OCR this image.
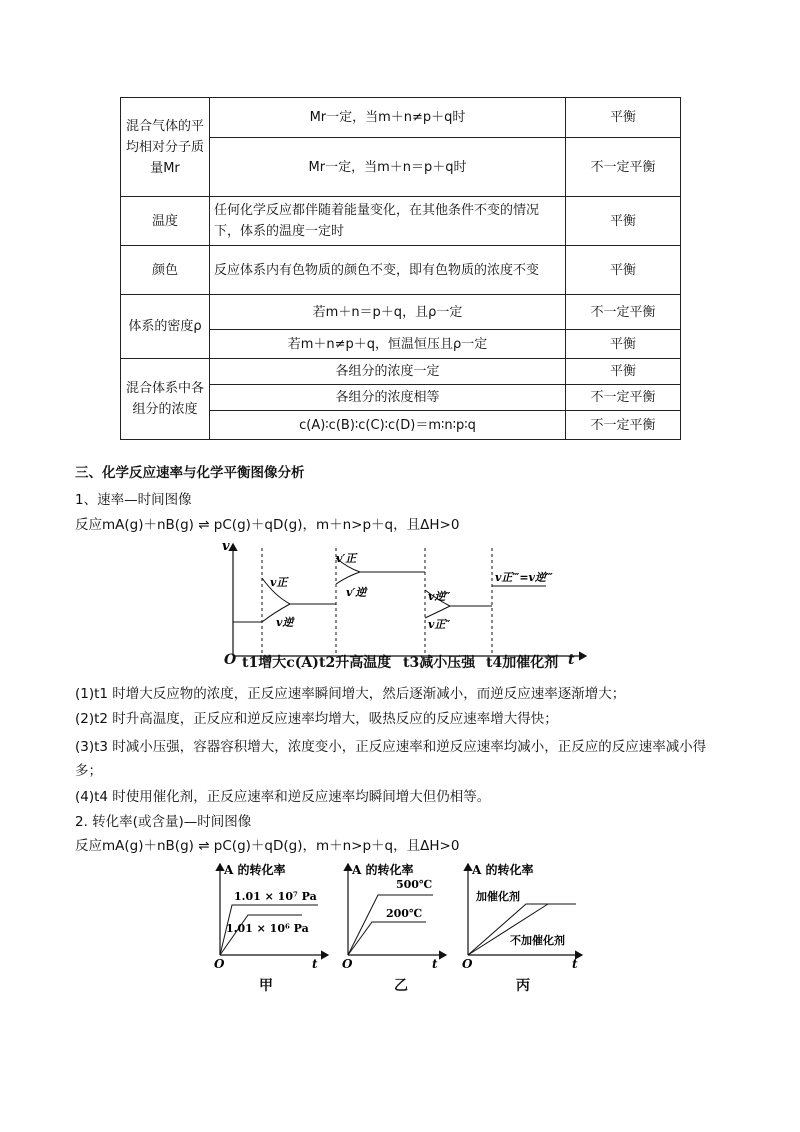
混合气体的平均相对分子质量Mr	Mr一定，当m＋n≠p＋q时	平衡
	Mr一定，当m＋n＝p＋q时	不一定平衡
温度	任何化学反应都伴随着能量变化，在其他条件不变的情况下，体系的温度一定时	平衡
颜色	反应体系内有色物质的颜色不变，即有色物质的浓度不变	平衡
体系的密度ρ	若m＋n＝p＋q，且ρ一定	不一定平衡
	若m＋n≠p＋q，恒温恒压且ρ一定	平衡
混合体系中各组分的浓度	各组分的浓度一定	平衡
	各组分的浓度相等	不一定平衡
	c(A)∶c(B)∶c(C)∶c(D)＝m∶n∶p∶q	不一定平衡
三、化学反应速率与化学平衡图像分析
1、速率—时间图像
反应mA(g)＋nB(g) ⇌ pC(g)＋qD(g)，m＋n>p＋q，且ΔH>0
v
v正
v逆
v′正
v′逆	v逆″
v正″
v正‴=v逆‴
O t1增大c(A) t2升高温度 t3减小压强 t4加催化剂 t
(1)t1 时增大反应物的浓度，正反应速率瞬间增大，然后逐渐减小，而逆反应速率逐渐增大；
(2)t2 时升高温度，正反应和逆反应速率均增大，吸热反应的反应速率增大得快；
(3)t3 时减小压强，容器容积增大，浓度变小，正反应速率和逆反应速率均减小，正反应的反应速率减小得多；
(4)t4 时使用催化剂，正反应速率和逆反应速率均瞬间增大但仍相等。
2. 转化率(或含量)—时间图像
反应mA(g)＋nB(g) ⇌ pC(g)＋qD(g)，m＋n>p＋q，且ΔH>0
A 的转化率
1.01 × 10⁷ Pa
1.01 × 10⁶ Pa
O	t
甲
A 的转化率
500℃
200℃
O	t
乙
A 的转化率
加催化剂
不加催化剂
O	t
丙
